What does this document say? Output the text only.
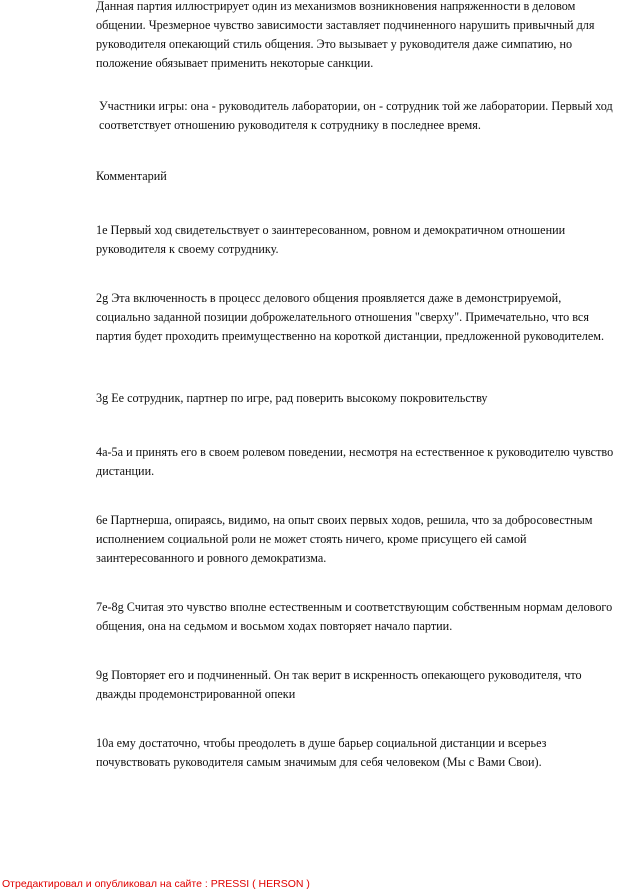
Данная партия иллюстрирует один из механизмов возникновения напряженности в деловом общении. Чрезмерное чувство зависимости заставляет подчиненного нарушить привычный для руководителя опекающий стиль общения. Это вызывает у руководителя даже симпатию, но положение обязывает применить некоторые санкции.

Участники игры: она - руководитель лаборатории, он - сотрудник той же лаборатории. Первый ход соответствует отношению руководителя к сотруднику в последнее время.

Комментарий

1e Первый ход свидетельствует о заинтересованном, ровном и демократичном отношении руководителя к своему сотруднику.

2g Эта включенность в процесс делового общения проявляется даже в демонстрируемой, социально заданной позиции доброжелательного отношения "сверху". Примечательно, что вся партия будет проходить преимущественно на короткой дистанции, предложенной руководителем.

3g Ее сотрудник, партнер по игре, рад поверить высокому покровительству

4a-5a и принять его в своем ролевом поведении, несмотря на естественное к руководителю чувство дистанции.

6e Партнерша, опираясь, видимо, на опыт своих первых ходов, решила, что за добросовестным исполнением социальной роли не может стоять ничего, кроме присущего ей самой заинтересованного и ровного демократизма.

7e-8g Считая это чувство вполне естественным и соответствующим собственным нормам делового общения, она на седьмом и восьмом ходах повторяет начало партии.

9g Повторяет его и подчиненный. Он так верит в искренность опекающего руководителя, что дважды продемонстрированной опеки

10a ему достаточно, чтобы преодолеть в душе барьер социальной дистанции и всерьез почувствовать руководителя самым значимым для себя человеком (Мы с Вами Свои).

Отредактировал и опубликовал на сайте : PRESSI ( HERSON )
